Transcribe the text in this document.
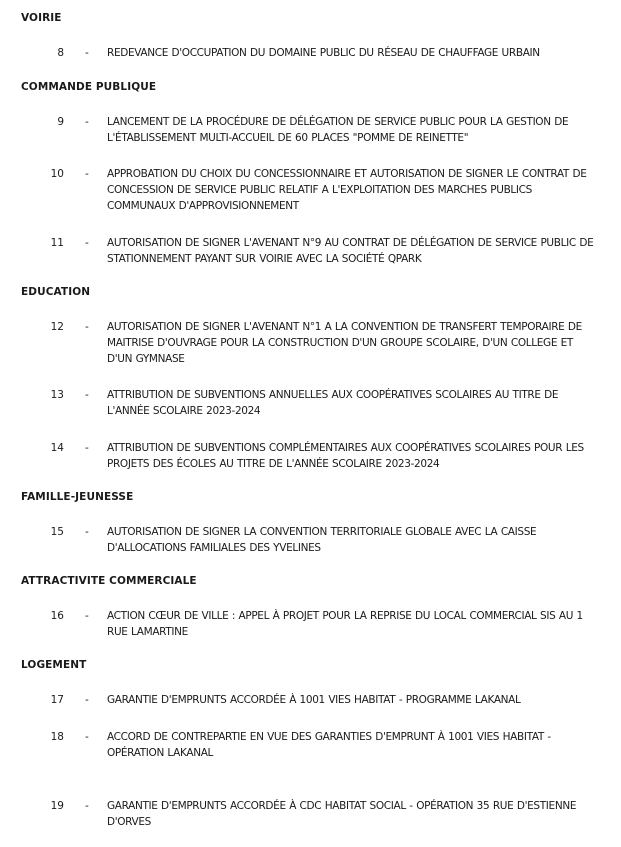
VOIRIE
8 - REDEVANCE D'OCCUPATION DU DOMAINE PUBLIC DU RÉSEAU DE CHAUFFAGE URBAIN
COMMANDE PUBLIQUE
9 - LANCEMENT DE LA PROCÉDURE DE DÉLÉGATION DE SERVICE PUBLIC POUR LA GESTION DE L'ÉTABLISSEMENT MULTI-ACCUEIL DE 60 PLACES "POMME DE REINETTE"
10 - APPROBATION DU CHOIX DU CONCESSIONNAIRE ET AUTORISATION DE SIGNER LE CONTRAT DE CONCESSION DE SERVICE PUBLIC RELATIF A L'EXPLOITATION DES MARCHES PUBLICS COMMUNAUX D'APPROVISIONNEMENT
11 - AUTORISATION DE SIGNER L'AVENANT N°9 AU CONTRAT DE DÉLÉGATION DE SERVICE PUBLIC DE STATIONNEMENT PAYANT SUR VOIRIE AVEC LA SOCIÉTÉ QPARK
EDUCATION
12 - AUTORISATION DE SIGNER L'AVENANT N°1 A LA CONVENTION DE TRANSFERT TEMPORAIRE DE MAITRISE D'OUVRAGE POUR LA CONSTRUCTION D'UN GROUPE SCOLAIRE, D'UN COLLEGE ET D'UN GYMNASE
13 - ATTRIBUTION DE SUBVENTIONS ANNUELLES AUX COOPÉRATIVES SCOLAIRES AU TITRE DE L'ANNÉE SCOLAIRE 2023-2024
14 - ATTRIBUTION DE SUBVENTIONS COMPLÉMENTAIRES AUX COOPÉRATIVES SCOLAIRES POUR LES PROJETS DES ÉCOLES AU TITRE DE L'ANNÉE SCOLAIRE 2023-2024
FAMILLE-JEUNESSE
15 - AUTORISATION DE SIGNER LA CONVENTION TERRITORIALE GLOBALE AVEC LA CAISSE D'ALLOCATIONS FAMILIALES DES YVELINES
ATTRACTIVITE COMMERCIALE
16 - ACTION CŒUR DE VILLE : APPEL À PROJET POUR LA REPRISE DU LOCAL COMMERCIAL SIS AU 1 RUE LAMARTINE
LOGEMENT
17 - GARANTIE D'EMPRUNTS ACCORDÉE À 1001 VIES HABITAT - PROGRAMME LAKANAL
18 - ACCORD DE CONTREPARTIE EN VUE DES GARANTIES D'EMPRUNT À 1001 VIES HABITAT - OPÉRATION LAKANAL
19 - GARANTIE D'EMPRUNTS ACCORDÉE À CDC HABITAT SOCIAL - OPÉRATION 35 RUE D'ESTIENNE D'ORVES
